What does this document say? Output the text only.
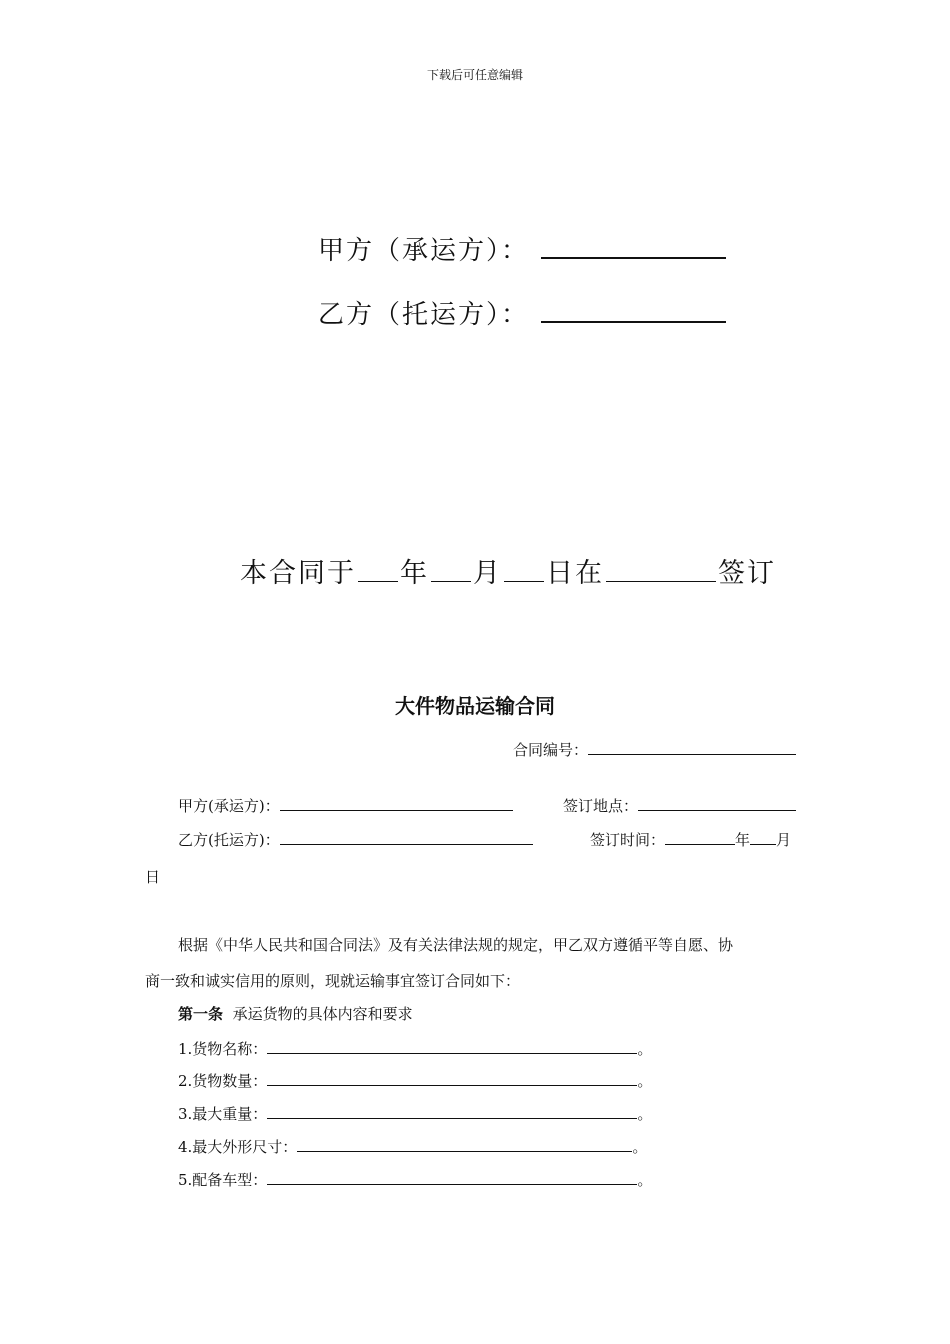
下载后可任意编辑
甲方（承运方）：
乙方（托运方）：
本合同于 年 月 日在	签订
大件物品运输合同
合同编号：
甲方(承运方)：	签订地点：
乙方(托运方)：	签订时间：	年 月
日
根据《中华人民共和国合同法》及有关法律法规的规定，甲乙双方遵循平等自愿、协
商一致和诚实信用的原则，现就运输事宜签订合同如下：
第一条 承运货物的具体内容和要求
1.货物名称：	。
2.货物数量：	。
3.最大重量：	。
4.最大外形尺寸：	。
5.配备车型：	。
